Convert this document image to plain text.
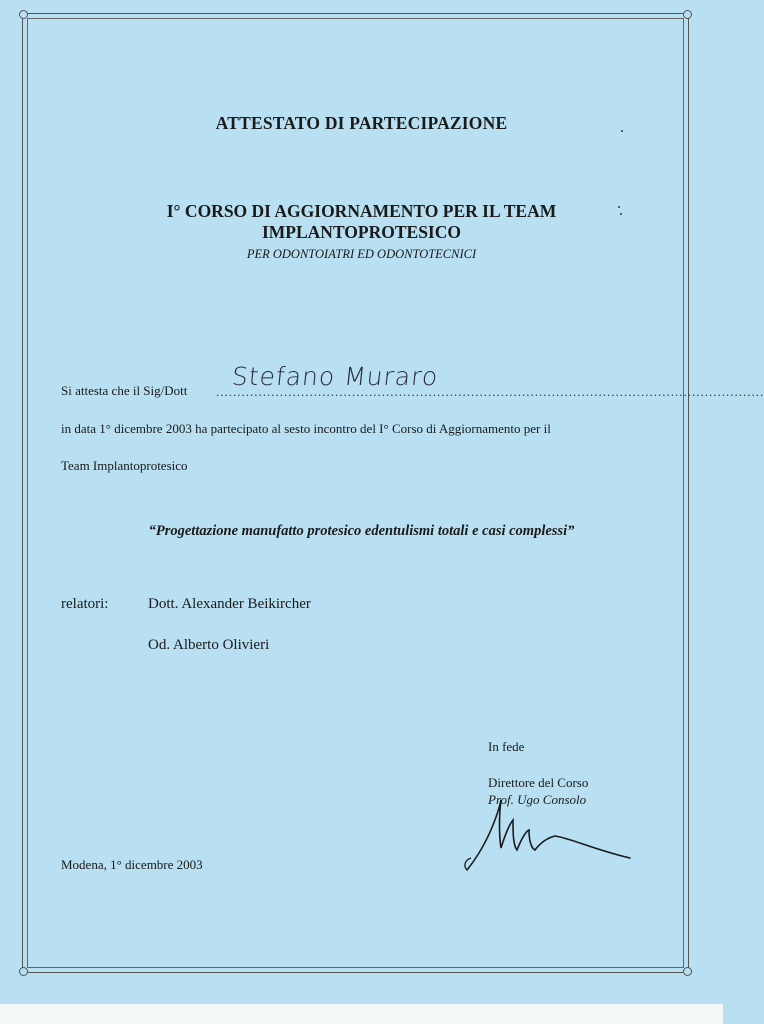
ATTESTATO DI PARTECIPAZIONE
I° CORSO DI AGGIORNAMENTO PER IL TEAM
IMPLANTOPROTESICO
PER ODONTOIATRI ED ODONTOTECNICI
Si attesta che il Sig/Dott .................................................................................................................................
Stefano Muraro
in data 1° dicembre 2003 ha partecipato al sesto incontro del I° Corso di Aggiornamento per il
Team Implantoprotesico
“Progettazione manufatto protesico edentulismi totali e casi complessi”
relatori:	Dott. Alexander Beikircher
Od. Alberto Olivieri
In fede
Direttore del Corso
Prof. Ugo Consolo
Modena, 1° dicembre 2003
